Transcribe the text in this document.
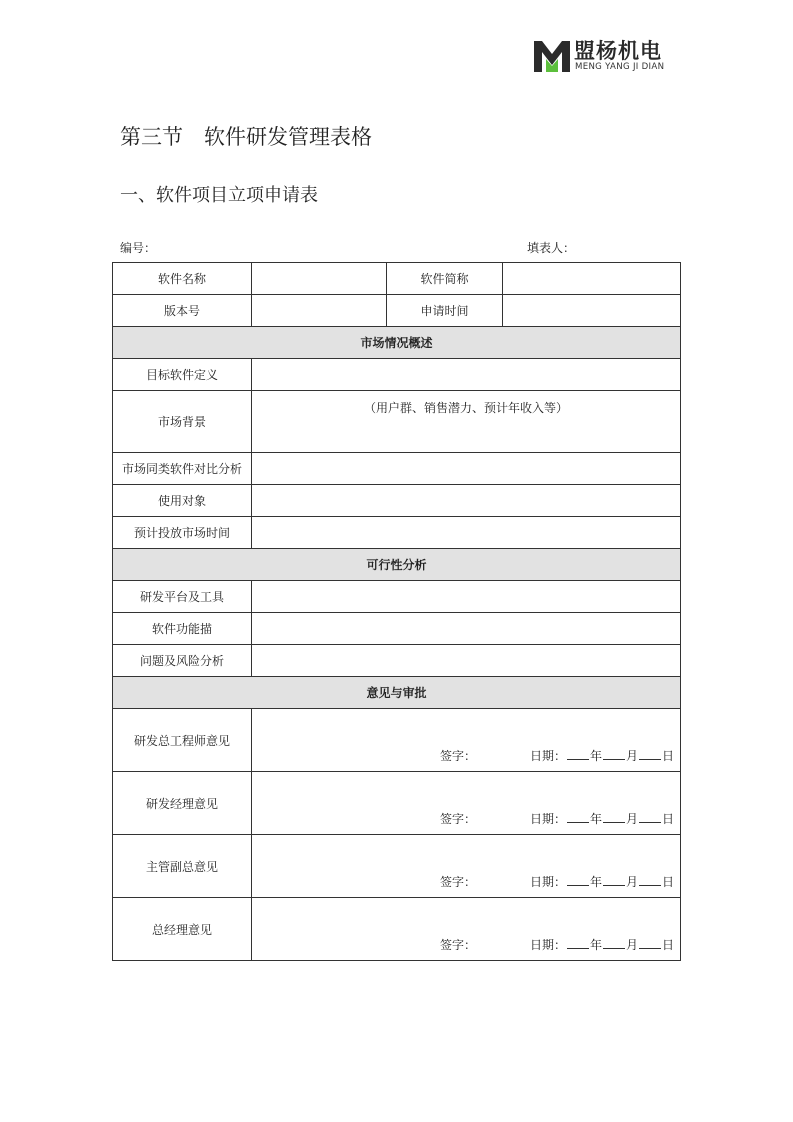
盟杨机电
MENG YANG JI DIAN
第三节　软件研发管理表格
一、软件项目立项申请表
编号：	填表人：
软件名称		软件简称	
版本号		申请时间	
市场情况概述			
目标软件定义			
市场背景	（用户群、销售潜力、预计年收入等）		

市场同类软件对比分析			
使用对象			
预计投放市场时间			
可行性分析			
研发平台及工具			
软件功能描			
问题及风险分析			
意见与审批			
研发总工程师意见	签字： 日期： 年 月 日		

研发经理意见	签字： 日期： 年 月 日		

主管副总意见	签字： 日期： 年 月 日		

总经理意见	签字： 日期： 年 月 日		
